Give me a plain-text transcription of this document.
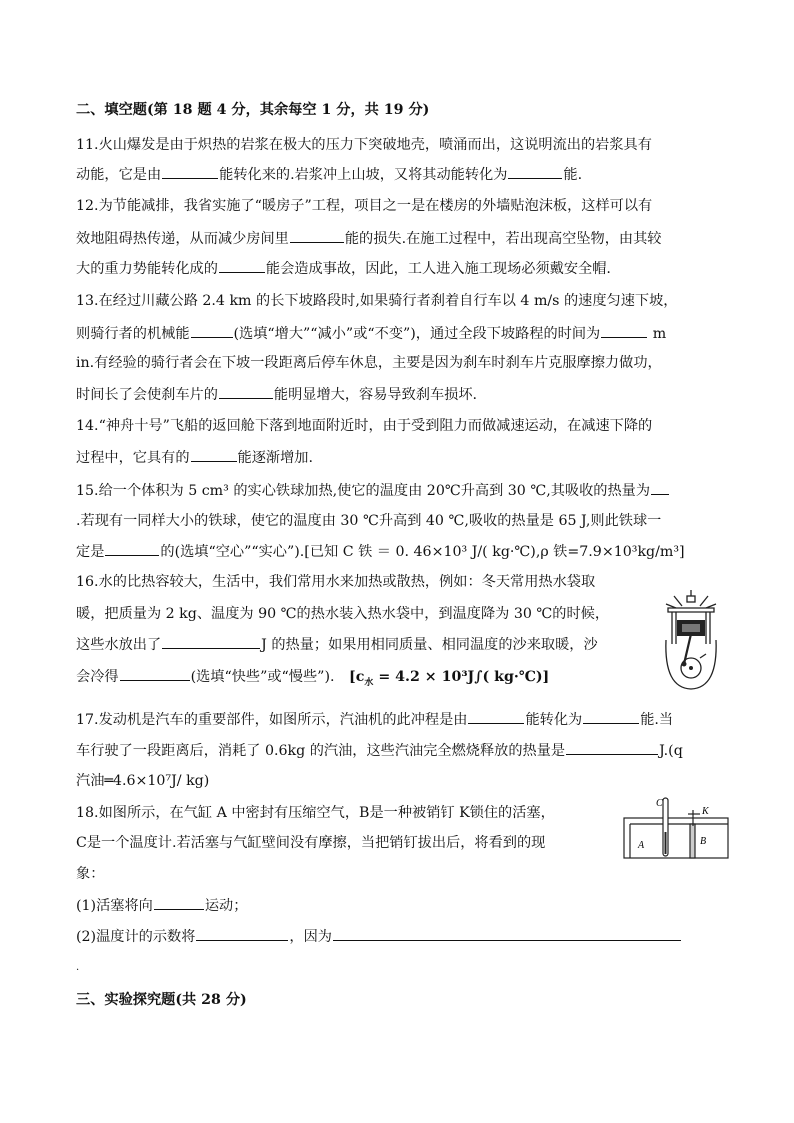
二、填空题(第 18 题 4 分，其余每空 1 分，共 19 分)
11.火山爆发是由于炽热的岩浆在极大的压力下突破地壳，喷涌而出，这说明流出的岩浆具有
动能，它是由	能转化来的.岩浆冲上山坡，又将其动能转化为	能.
12.为节能减排，我省实施了“暖房子”工程，项目之一是在楼房的外墙贴泡沫板，这样可以有
效地阻碍热传递，从而减少房间里	能的损失.在施工过程中，若出现高空坠物，由其较
大的重力势能转化成的	能会造成事故，因此，工人进入施工现场必须戴安全帽.
13.在经过川藏公路 2.4 km 的长下坡路段时,如果骑行者刹着自行车以 4 m/s 的速度匀速下坡，
则骑行者的机械能	(选填“增大”“减小”或“不变”)，通过全段下坡路程的时间为	m
in.有经验的骑行者会在下坡一段距离后停车休息，主要是因为刹车时刹车片克服摩擦力做功，
时间长了会使刹车片的	能明显增大，容易导致刹车损坏.
14.“神舟十号”飞船的返回舱下落到地面附近时，由于受到阻力而做减速运动，在减速下降的
过程中，它具有的	能逐渐增加.
15.给一个体积为 5 cm³ 的实心铁球加热,使它的温度由 20℃升高到 30 ℃,其吸收的热量为
.若现有一同样大小的铁球，使它的温度由 30 ℃升高到 40 ℃,吸收的热量是 65 J,则此铁球一
定是	的(选填“空心”“实心”).[已知 C 铁 ＝ 0. 46×10³ J/( kg·℃),ρ 铁=7.9×10³kg/m³]
16.水的比热容较大，生活中，我们常用水来加热或散热，例如：冬天常用热水袋取
暖，把质量为 2 kg、温度为 90 ℃的热水装入热水袋中，到温度降为 30 ℃的时候，
这些水放出了	J 的热量；如果用相同质量、相同温度的沙来取暖，沙
会冷得	(选填“快些”或“慢些”). [$c_水 = 4.2 \times 10^3J\int$( kg·℃)]
17.发动机是汽车的重要部件，如图所示，汽油机的此冲程是由	能转化为	能.当
车行驶了一段距离后，消耗了 0.6kg 的汽油，这些汽油完全燃烧释放的热量是	J.(q
汽油═4.6×10⁷J/ kg)
18.如图所示，在气缸 A 中密封有压缩空气，B是一种被销钉 K锁住的活塞，
C是一个温度计.若活塞与气缸壁间没有摩擦，当把销钉拔出后，将看到的现
象：
(1)活塞将向	运动；
(2)温度计的示数将	，因为
.
C
K
A	B
三、实验探究题(共 28 分)
